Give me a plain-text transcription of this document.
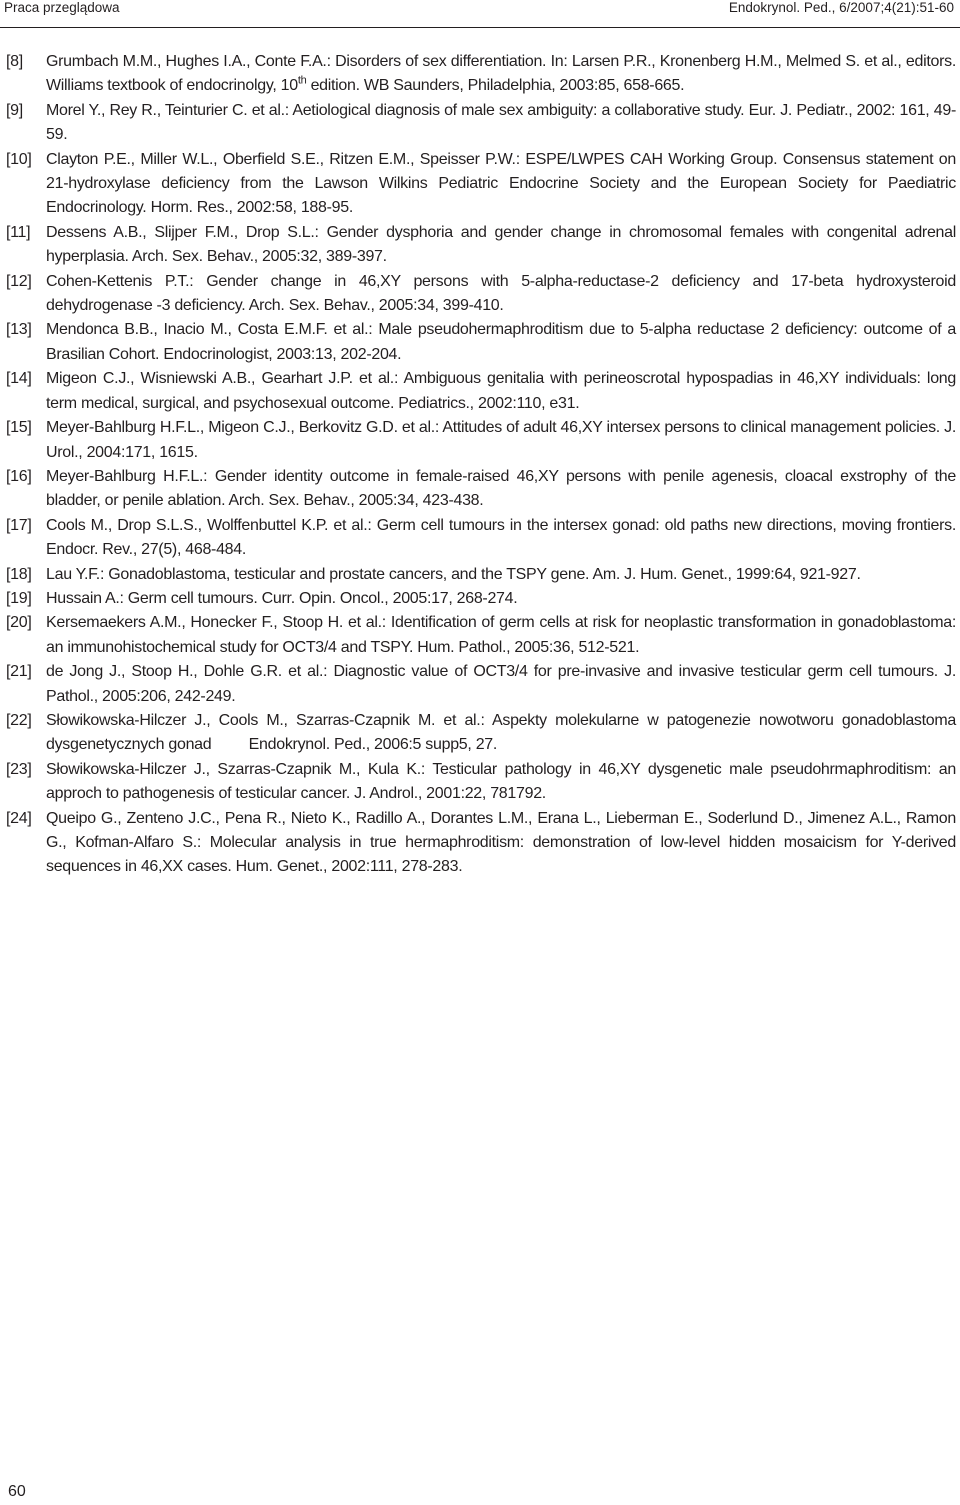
Praca przeglądowa	Endokrynol. Ped., 6/2007;4(21):51-60

[8] Grumbach M.M., Hughes I.A., Conte F.A.: Disorders of sex differentiation. In: Larsen P.R., Kronenberg H.M., Melmed S. et al., editors. Williams textbook of endocrinolgy, 10th edition. WB Saunders, Philadelphia, 2003:85, 658-665.

[9] Morel Y., Rey R., Teinturier C. et al.: Aetiological diagnosis of male sex ambiguity: a collaborative study. Eur. J. Pediatr., 2002: 161, 49-59.

[10] Clayton P.E., Miller W.L., Oberfield S.E., Ritzen E.M., Speisser P.W.: ESPE/LWPES CAH Working Group. Consensus statement on 21-hydroxylase deficiency from the Lawson Wilkins Pediatric Endocrine Society and the European Society for Paediatric Endocrinology. Horm. Res., 2002:58, 188-95.

[11] Dessens A.B., Slijper F.M., Drop S.L.: Gender dysphoria and gender change in chromosomal females with congenital adrenal hyperplasia. Arch. Sex. Behav., 2005:32, 389-397.

[12] Cohen-Kettenis P.T.: Gender change in 46,XY persons with 5-alpha-reductase-2 deficiency and 17-beta hydroxysteroid dehydrogenase -3 deficiency. Arch. Sex. Behav., 2005:34, 399-410.

[13] Mendonca B.B., Inacio M., Costa E.M.F. et al.: Male pseudohermaphroditism due to 5-alpha reductase 2 deficiency: outcome of a Brasilian Cohort. Endocrinologist, 2003:13, 202-204.

[14] Migeon C.J., Wisniewski A.B., Gearhart J.P. et al.: Ambiguous genitalia with perineoscrotal hypospadias in 46,XY individuals: long term medical, surgical, and psychosexual outcome. Pediatrics., 2002:110, e31.

[15] Meyer-Bahlburg H.F.L., Migeon C.J., Berkovitz G.D. et al.: Attitudes of adult 46,XY intersex persons to clinical management policies. J. Urol., 2004:171, 1615.

[16] Meyer-Bahlburg H.F.L.: Gender identity outcome in female-raised 46,XY persons with penile agenesis, cloacal exstrophy of the bladder, or penile ablation. Arch. Sex. Behav., 2005:34, 423-438.

[17] Cools M., Drop S.L.S., Wolffenbuttel K.P. et al.: Germ cell tumours in the intersex gonad: old paths new directions, moving frontiers. Endocr. Rev., 27(5), 468-484.

[18] Lau Y.F.: Gonadoblastoma, testicular and prostate cancers, and the TSPY gene. Am. J. Hum. Genet., 1999:64, 921-927.

[19] Hussain A.: Germ cell tumours. Curr. Opin. Oncol., 2005:17, 268-274.

[20] Kersemaekers A.M., Honecker F., Stoop H. et al.: Identification of germ cells at risk for neoplastic transformation in gonadoblastoma: an immunohistochemical study for OCT3/4 and TSPY. Hum. Pathol., 2005:36, 512-521.

[21] de Jong J., Stoop H., Dohle G.R. et al.: Diagnostic value of OCT3/4 for pre-invasive and invasive testicular germ cell tumours. J. Pathol., 2005:206, 242-249.

[22] Słowikowska-Hilczer J., Cools M., Szarras-Czapnik M. et al.: Aspekty molekularne w patogenezie nowotworu gonadoblastoma dysgenetycznych gonad         Endokrynol. Ped., 2006:5 supp5, 27.

[23] Słowikowska-Hilczer J., Szarras-Czapnik M., Kula K.: Testicular pathology in 46,XY dysgenetic male pseudohrmaphroditism: an approch to pathogenesis of testicular cancer. J. Androl., 2001:22, 781792.

[24] Queipo G., Zenteno J.C., Pena R., Nieto K., Radillo A., Dorantes L.M., Erana L., Lieberman E., Soderlund D., Jimenez A.L., Ramon G., Kofman-Alfaro S.: Molecular analysis in true hermaphroditism: demonstration of low-level hidden mosaicism for Y-derived sequences in 46,XX cases. Hum. Genet., 2002:111, 278-283.

60
